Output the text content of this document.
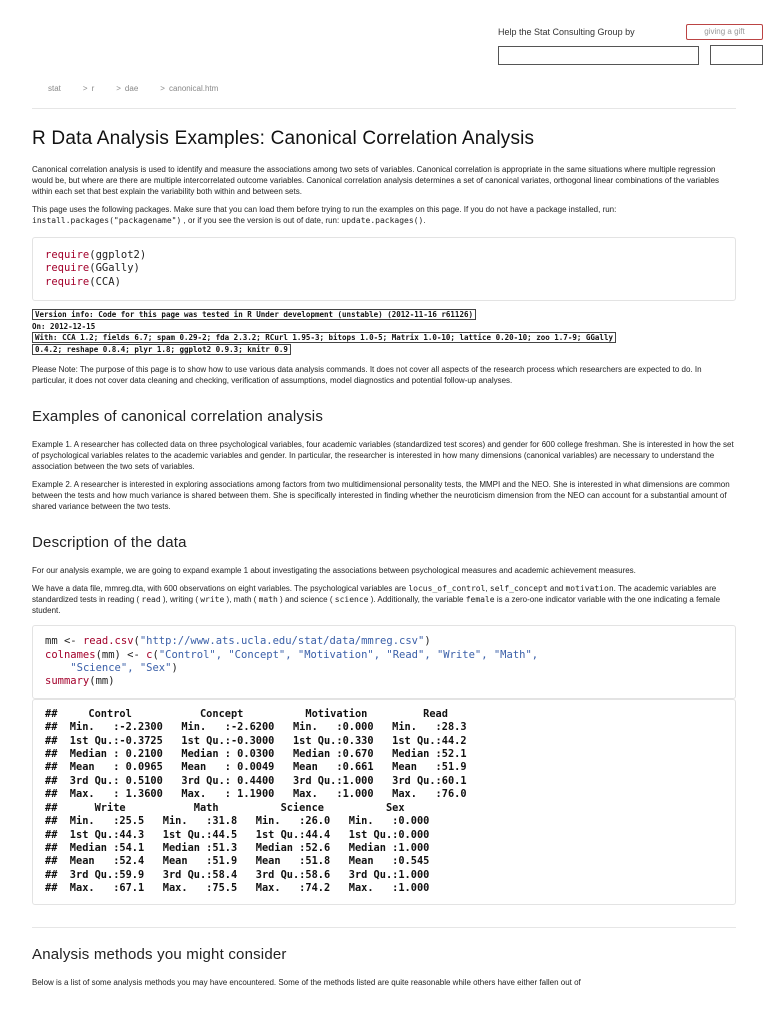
Help the Stat Consulting Group by	giving a gift
stat	> r	> dae	> canonical.htm
R Data Analysis Examples: Canonical Correlation Analysis

Canonical correlation analysis is used to identify and measure the associations among two sets of variables. Canonical correlation is appropriate in the same situations where multiple regression would be, but where are there are multiple intercorrelated outcome variables. Canonical correlation analysis determines a set of canonical variates, orthogonal linear combinations of the variables within each set that best explain the variability both within and between sets.

This page uses the following packages. Make sure that you can load them before trying to run the examples on this page. If you do not have a package installed, run: install.packages("packagename") , or if you see the version is out of date, run: update.packages().

require(ggplot2)
require(GGally)
require(CCA)
Version info: Code for this page was tested in R Under development (unstable) (2012-11-16 r61126)
On: 2012-12-15
With: CCA 1.2; fields 6.7; spam 0.29-2; fda 2.3.2; RCurl 1.95-3; bitops 1.0-5; Matrix 1.0-10; lattice 0.20-10; zoo 1.7-9; GGally
0.4.2; reshape 0.8.4; plyr 1.8; ggplot2 0.9.3; knitr 0.9

Please Note: The purpose of this page is to show how to use various data analysis commands. It does not cover all aspects of the research process which researchers are expected to do. In particular, it does not cover data cleaning and checking, verification of assumptions, model diagnostics and potential follow-up analyses.

Examples of canonical correlation analysis

Example 1. A researcher has collected data on three psychological variables, four academic variables (standardized test scores) and gender for 600 college freshman. She is interested in how the set of psychological variables relates to the academic variables and gender. In particular, the researcher is interested in how many dimensions (canonical variables) are necessary to understand the association between the two sets of variables.

Example 2. A researcher is interested in exploring associations among factors from two multidimensional personality tests, the MMPI and the NEO. She is interested in what dimensions are common between the tests and how much variance is shared between them. She is specifically interested in finding whether the neuroticism dimension from the NEO can account for a substantial amount of shared variance between the two tests.

Description of the data

For our analysis example, we are going to expand example 1 about investigating the associations between psychological measures and academic achievement measures.

We have a data file, mmreg.dta, with 600 observations on eight variables. The psychological variables are locus_of_control, self_concept and motivation. The academic variables are standardized tests in reading ( read ), writing ( write ), math ( math ) and science ( science ). Additionally, the variable female is a zero-one indicator variable with the one indicating a female student.

mm <- read.csv("http://www.ats.ucla.edu/stat/data/mmreg.csv")
colnames(mm) <- c("Control", "Concept", "Motivation", "Read", "Write", "Math",
"Science", "Sex")
summary(mm)
##     Control           Concept          Motivation         Read
##  Min.   :-2.2300   Min.   :-2.6200   Min.   :0.000   Min.   :28.3
##  1st Qu.:-0.3725   1st Qu.:-0.3000   1st Qu.:0.330   1st Qu.:44.2
##  Median : 0.2100   Median : 0.0300   Median :0.670   Median :52.1
##  Mean   : 0.0965   Mean   : 0.0049   Mean   :0.661   Mean   :51.9
##  3rd Qu.: 0.5100   3rd Qu.: 0.4400   3rd Qu.:1.000   3rd Qu.:60.1
##  Max.   : 1.3600   Max.   : 1.1900   Max.   :1.000   Max.   :76.0
##      Write           Math          Science          Sex
##  Min.   :25.5   Min.   :31.8   Min.   :26.0   Min.   :0.000
##  1st Qu.:44.3   1st Qu.:44.5   1st Qu.:44.4   1st Qu.:0.000
##  Median :54.1   Median :51.3   Median :52.6   Median :1.000
##  Mean   :52.4   Mean   :51.9   Mean   :51.8   Mean   :0.545
##  3rd Qu.:59.9   3rd Qu.:58.4   3rd Qu.:58.6   3rd Qu.:1.000
##  Max.   :67.1   Max.   :75.5   Max.   :74.2   Max.   :1.000
Analysis methods you might consider

Below is a list of some analysis methods you may have encountered. Some of the methods listed are quite reasonable while others have either fallen out of
